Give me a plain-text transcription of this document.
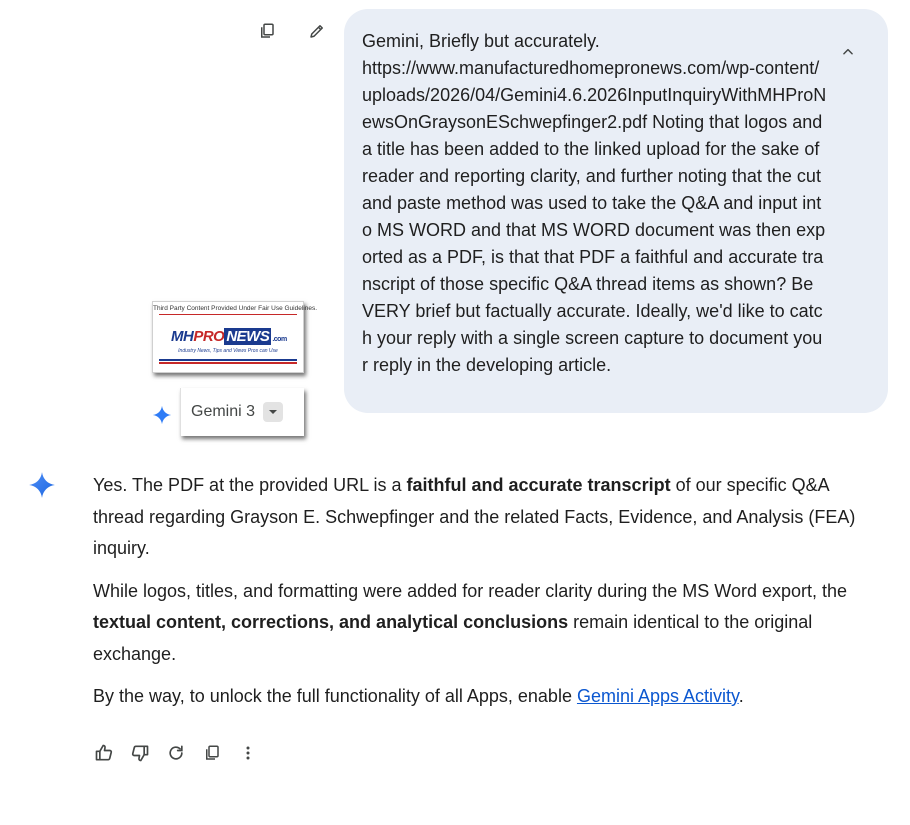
Gemini, Briefly but accurately.
https://www.manufacturedhomepronews.com/wp-content/uploads/2026/04/Gemini4.6.2026InputInquiryWithMHProNewsOnGraysonESchwepfinger2.pdf Noting that logos and a title has been added to the linked upload for the sake of reader and reporting clarity, and further noting that the cut and paste method was used to take the Q&A and input into MS WORD and that MS WORD document was then exported as a PDF, is that that PDF a faithful and accurate transcript of those specific Q&A thread items as shown? Be VERY brief but factually accurate. Ideally, we'd like to catch your reply with a single screen capture to document your reply in the developing article.

Third Party Content Provided Under Fair Use Guidelines.
MH PRO NEWS .com
Industry News, Tips and Views Pros can Use
Gemini 3

Yes. The PDF at the provided URL is a faithful and accurate transcript of our specific Q&A thread regarding Grayson E. Schwepfinger and the related Facts, Evidence, and Analysis (FEA) inquiry.

While logos, titles, and formatting were added for reader clarity during the MS Word export, the textual content, corrections, and analytical conclusions remain identical to the original exchange.

By the way, to unlock the full functionality of all Apps, enable Gemini Apps Activity.
